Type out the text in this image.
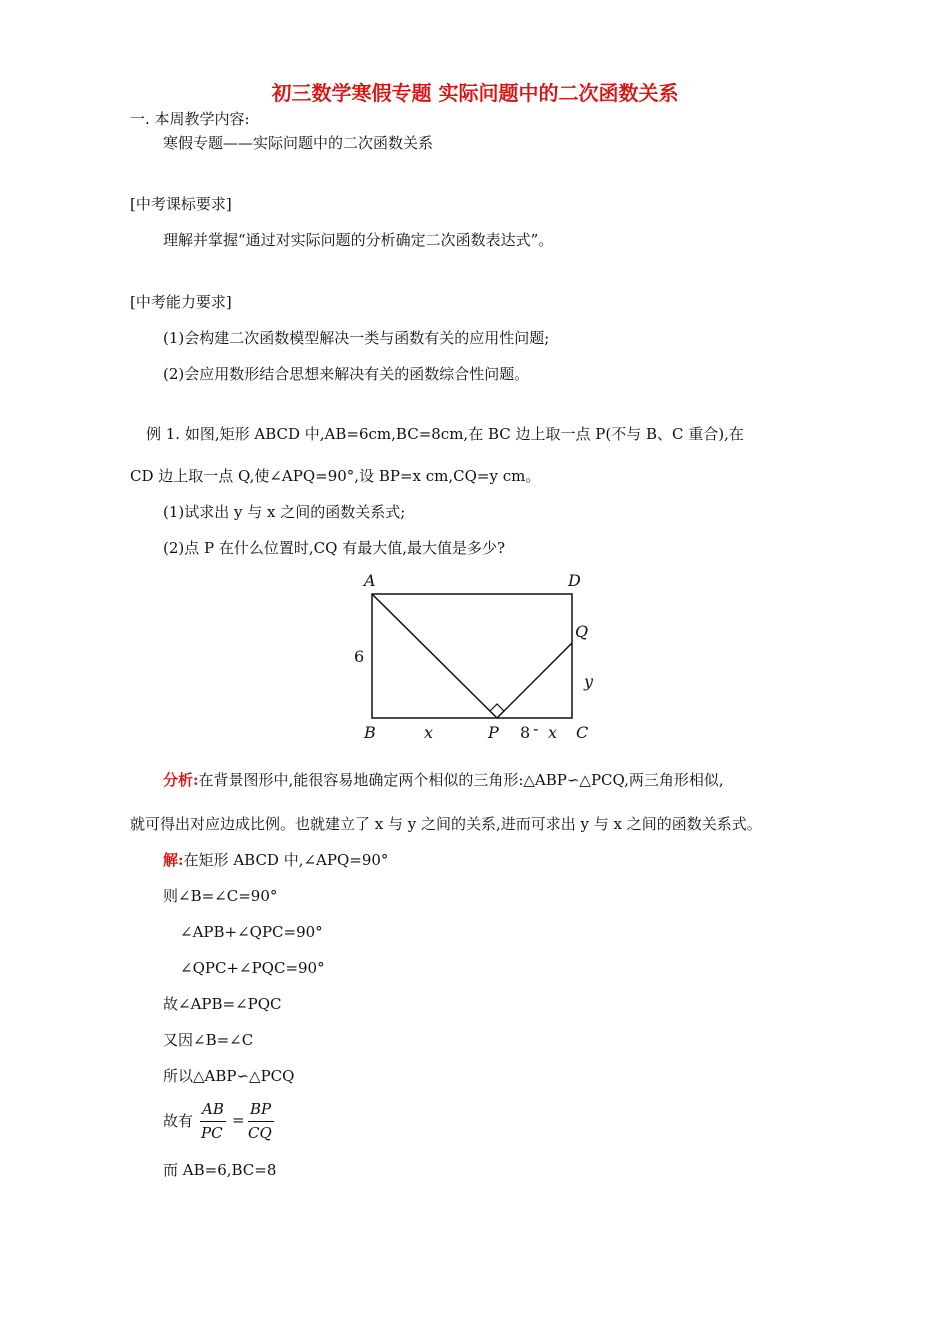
初三数学寒假专题 实际问题中的二次函数关系
一. 本周教学内容:
寒假专题——实际问题中的二次函数关系
[中考课标要求]
理解并掌握“通过对实际问题的分析确定二次函数表达式”。
[中考能力要求]
(1)会构建二次函数模型解决一类与函数有关的应用性问题;
(2)会应用数形结合思想来解决有关的函数综合性问题。
例 1. 如图,矩形 ABCD 中,AB=6cm,BC=8cm,在 BC 边上取一点 P(不与 B、C 重合),在
CD 边上取一点 Q,使∠APQ=90°,设 BP=x cm,CQ=y cm。
(1)试求出 y 与 x 之间的函数关系式;
(2)点 P 在什么位置时,CQ 有最大值,最大值是多少?
A	D
Q
6
y
B	x	P 8 - x C
分析:在背景图形中,能很容易地确定两个相似的三角形:△ABP∽△PCQ,两三角形相似,
就可得出对应边成比例。也就建立了 x 与 y 之间的关系,进而可求出 y 与 x 之间的函数关系式。
解:在矩形 ABCD 中,∠APQ=90°
则∠B=∠C=90°
∠APB+∠QPC=90°
∠QPC+∠PQC=90°
故∠APB=∠PQC
又因∠B=∠C
所以△ABP∽△PCQ
故有
AB
PC
=
BP
CQ
而 AB=6,BC=8
